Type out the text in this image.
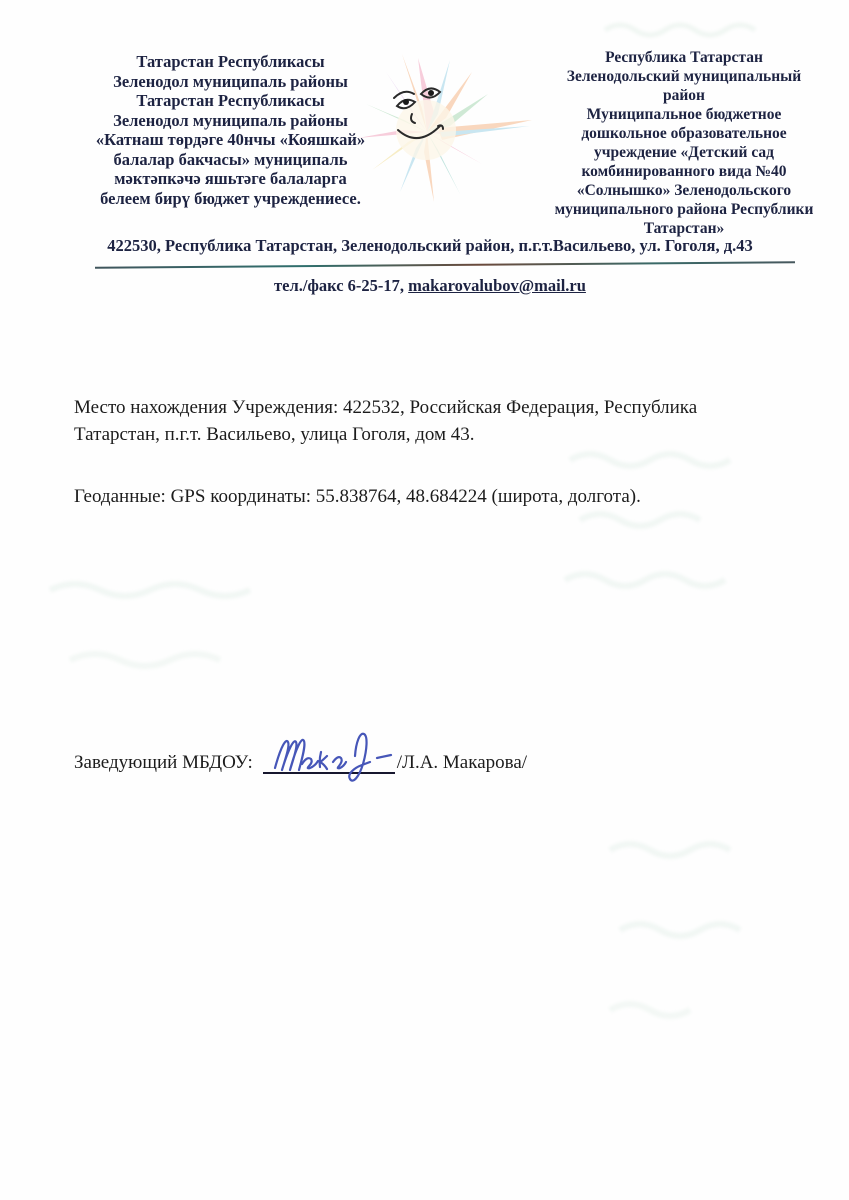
Татарстан Республикасы
Зеленодол муниципаль районы
Татарстан Республикасы
Зеленодол муниципаль районы
«Катнаш төрдәге 40нчы «Кояшкай»
балалар бакчасы» муниципаль
мәктәпкәчә яшьтәге балаларга
белеем бирү бюджет учреждениесе.
Республика Татарстан
Зеленодольский муниципальный
район
Муниципальное бюджетное
дошкольное образовательное
учреждение «Детский сад
комбинированного вида №40
«Солнышко» Зеленодольского
муниципального района Республики
Татарстан»
422530, Республика Татарстан, Зеленодольский район, п.г.т.Васильево, ул. Гоголя, д.43
тел./факс 6-25-17, makarovalubov@mail.ru

Место нахождения Учреждения: 422532, Российская Федерация, Республика
Татарстан, п.г.т. Васильево, улица Гоголя, дом 43.

Геоданные: GPS координаты: 55.838764, 48.684224 (широта, долгота).

Заведующий МБДОУ:	/Л.А. Макарова/
